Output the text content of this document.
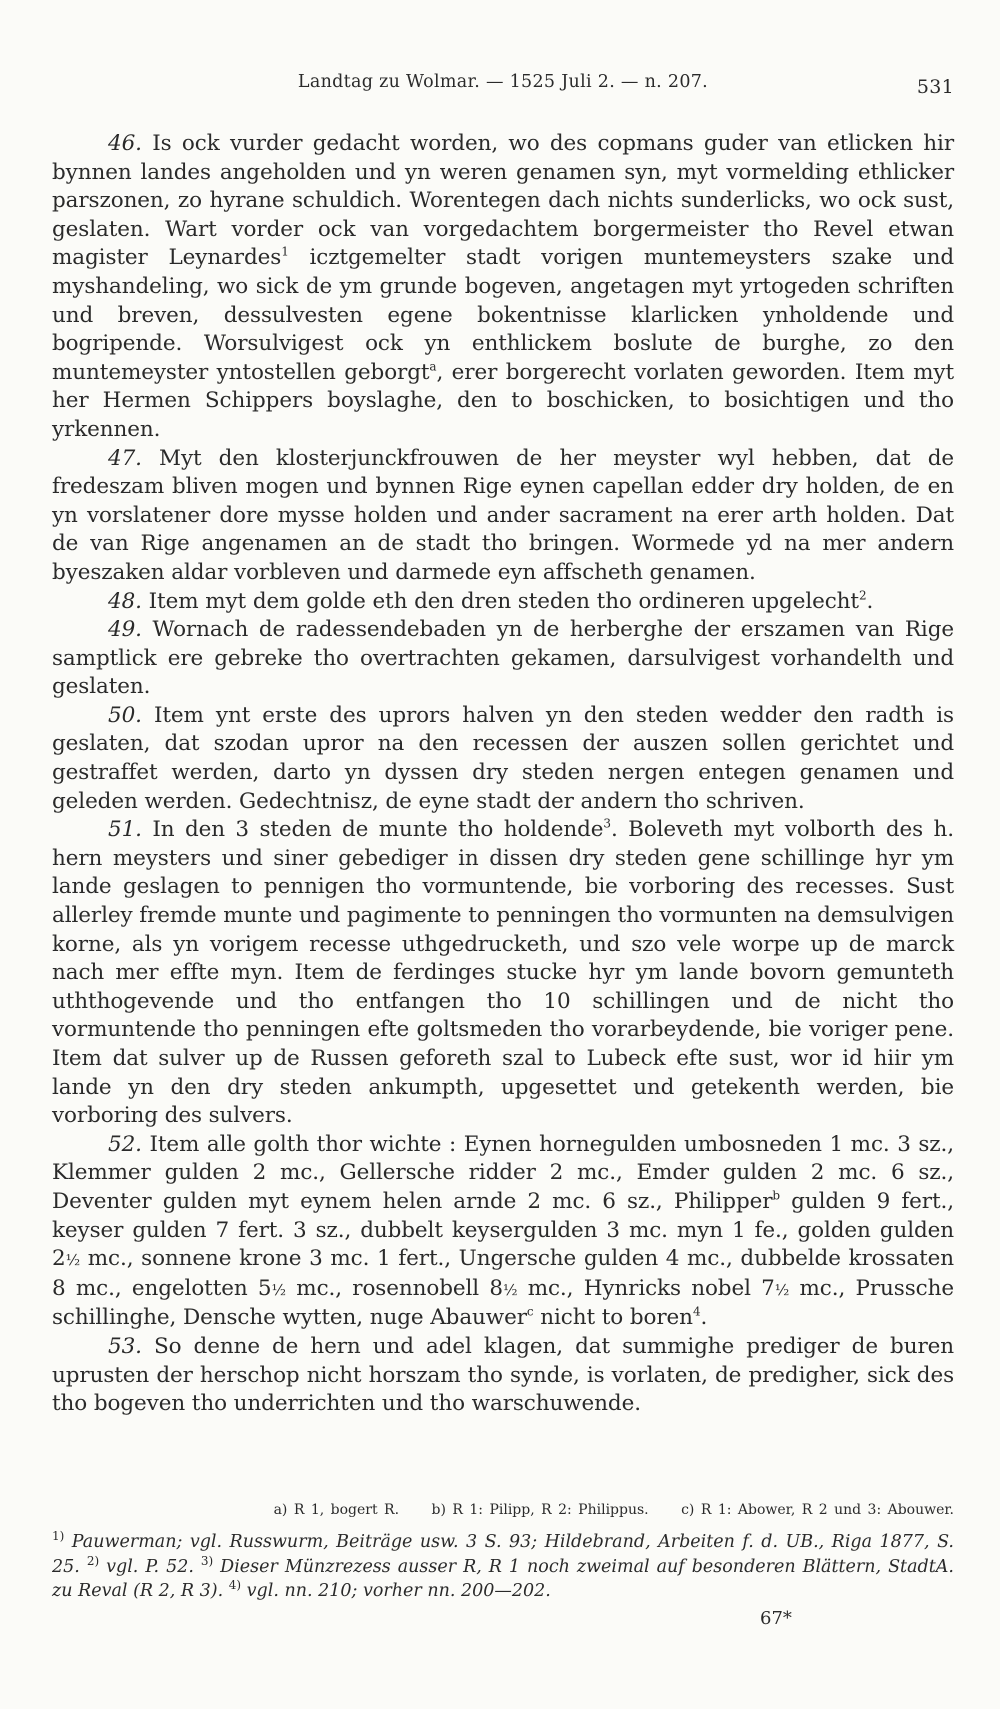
Landtag zu Wolmar. — 1525 Juli 2. — n. 207.	531

46. Is ock vurder gedacht worden, wo des copmans guder van etlicken hir bynnen landes angeholden und yn weren genamen syn, myt vormelding ethlicker parszonen, zo hyrane schuldich. Worentegen dach nichts sunderlicks, wo ock sust, geslaten. Wart vorder ock van vorgedachtem borgermeister tho Revel etwan magister Leynardes$^1$ icztgemelter stadt vorigen muntemeysters szake und myshandeling, wo sick de ym grunde bogeven, angetagen myt yrtogeden schriften und breven, dessulvesten egene bokentnisse klarlicken ynholdende und bogripende. Worsulvigest ock yn enthlickem boslute de burghe, zo den muntemeyster yntostellen geborgt$^a$, erer borgerecht vorlaten geworden. Item myt her Hermen Schippers boyslaghe, den to boschicken, to bosichtigen und tho yrkennen.

47. Myt den klosterjunckfrouwen de her meyster wyl hebben, dat de fredeszam bliven mogen und bynnen Rige eynen capellan edder dry holden, de en yn vorslatener dore mysse holden und ander sacrament na erer arth holden. Dat de van Rige angenamen an de stadt tho bringen. Wormede yd na mer andern byeszaken aldar vorbleven und darmede eyn affscheth genamen.

48. Item myt dem golde eth den dren steden tho ordineren upgelecht$^2$.

49. Wornach de radessendebaden yn de herberghe der erszamen van Rige samptlick ere gebreke tho overtrachten gekamen, darsulvigest vorhandelth und geslaten.

50. Item ynt erste des uprors halven yn den steden wedder den radth is geslaten, dat szodan upror na den recessen der auszen sollen gerichtet und gestraffet werden, darto yn dyssen dry steden nergen entegen genamen und geleden werden. Gedechtnisz, de eyne stadt der andern tho schriven.

51. In den 3 steden de munte tho holdende$^3$. Boleveth myt volborth des h. hern meysters und siner gebediger in dissen dry steden gene schillinge hyr ym lande geslagen to pennigen tho vormuntende, bie vorboring des recesses. Sust allerley fremde munte und pagimente to penningen tho vormunten na demsulvigen korne, als yn vorigem recesse uthgedrucketh, und szo vele worpe up de marck nach mer effte myn. Item de ferdinges stucke hyr ym lande bovorn gemunteth uththogevende und tho entfangen tho 10 schillingen und de nicht tho vormuntende tho penningen efte goltsmeden tho vorarbeydende, bie voriger pene. Item dat sulver up de Russen geforeth szal to Lubeck efte sust, wor id hiir ym lande yn den dry steden ankumpth, upgesettet und getekenth werden, bie vorboring des sulvers.

52. Item alle golth thor wichte : Eynen hornegulden umbosneden 1 mc. 3 sz., Klemmer gulden 2 mc., Gellersche ridder 2 mc., Emder gulden 2 mc. 6 sz., Deventer gulden myt eynem helen arnde 2 mc. 6 sz., Philipper$^b$ gulden 9 fert., keyser gulden 7 fert. 3 sz., dubbelt keysergulden 3 mc. myn 1 fe., golden gulden 2½ mc., sonnene krone 3 mc. 1 fert., Ungersche gulden 4 mc., dubbelde krossaten 8 mc., engelotten 5½ mc., rosennobell 8½ mc., Hynricks nobel 7½ mc., Prussche schillinghe, Densche wytten, nuge Abauwer$^c$ nicht to boren$^4$.

53. So denne de hern und adel klagen, dat summighe prediger de buren uprusten der herschop nicht horszam tho synde, is vorlaten, de predigher, sick des tho bogeven tho underrichten und tho warschuwende.

a) R 1, bogert R. b) R 1: Pilipp, R 2: Philippus. c) R 1: Abower, R 2 und 3: Abouwer.
$^{1)}$ Pauwerman; vgl. Russwurm, Beiträge usw. 3 S. 93; Hildebrand, Arbeiten f. d. UB., Riga 1877, S. 25. $^{2)}$ vgl. P. 52. $^{3)}$ Dieser Münzrezess ausser R, R 1 noch zweimal auf besonderen Blättern, StadtA. zu Reval (R 2, R 3). $^{4)}$ vgl. nn. 210; vorher nn. 200—202.
67*
